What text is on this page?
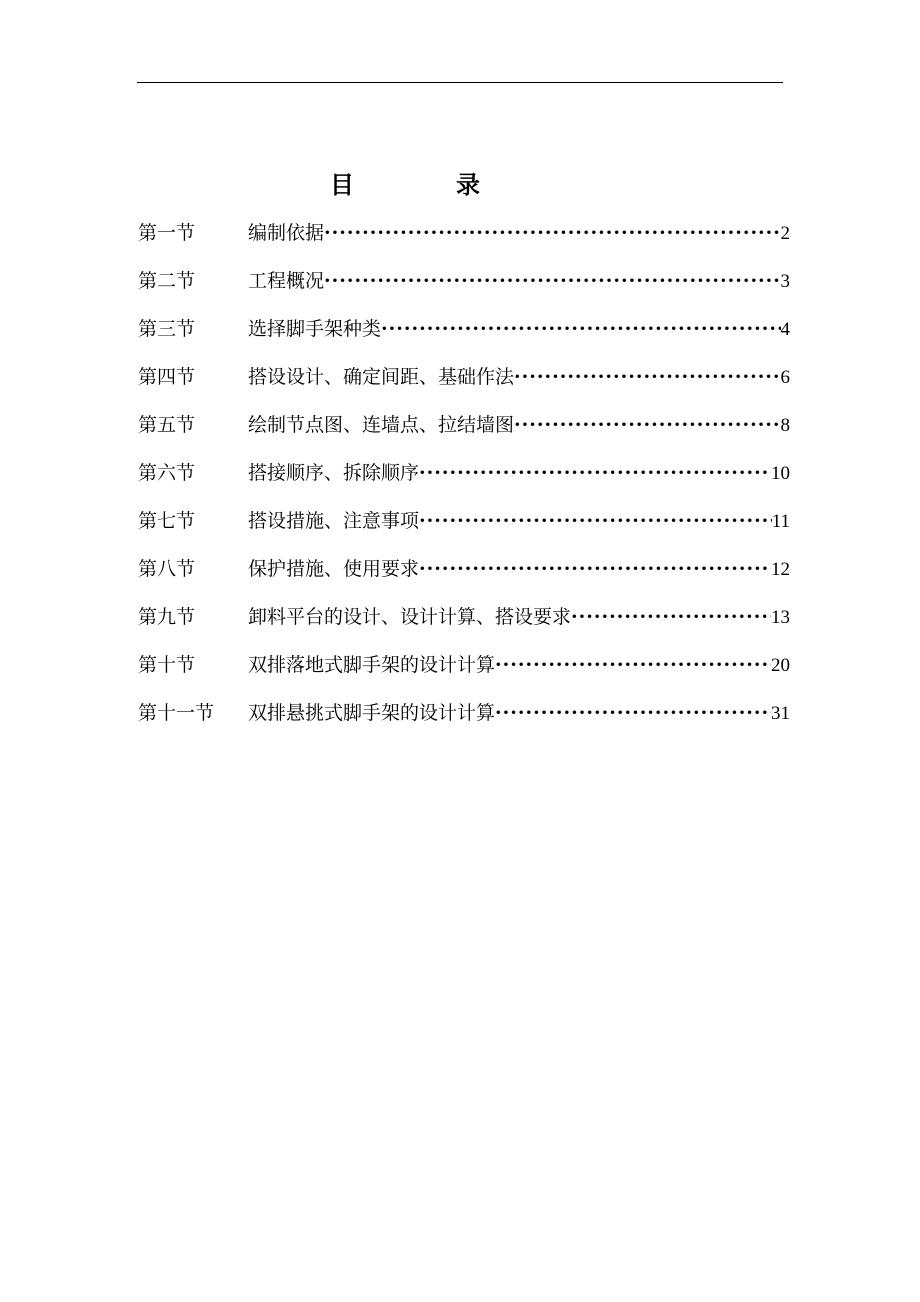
目	录
第一节	编制依据 ·····	2
第二节	工程概况 ·····	3
第三节	选择脚手架种类 ·····	4
第四节	搭设设计、确定间距、基础作法 ·····	6
第五节	绘制节点图、连墙点、拉结墙图 ·····	8
第六节	搭接顺序、拆除顺序 ·····	10
第七节	搭设措施、注意事项 ·····	11
第八节	保护措施、使用要求 ·····	12
第九节	卸料平台的设计、设计计算、搭设要求 ·····	13
第十节	双排落地式脚手架的设计计算 ·····	20
第十一节	双排悬挑式脚手架的设计计算 ·····	31
